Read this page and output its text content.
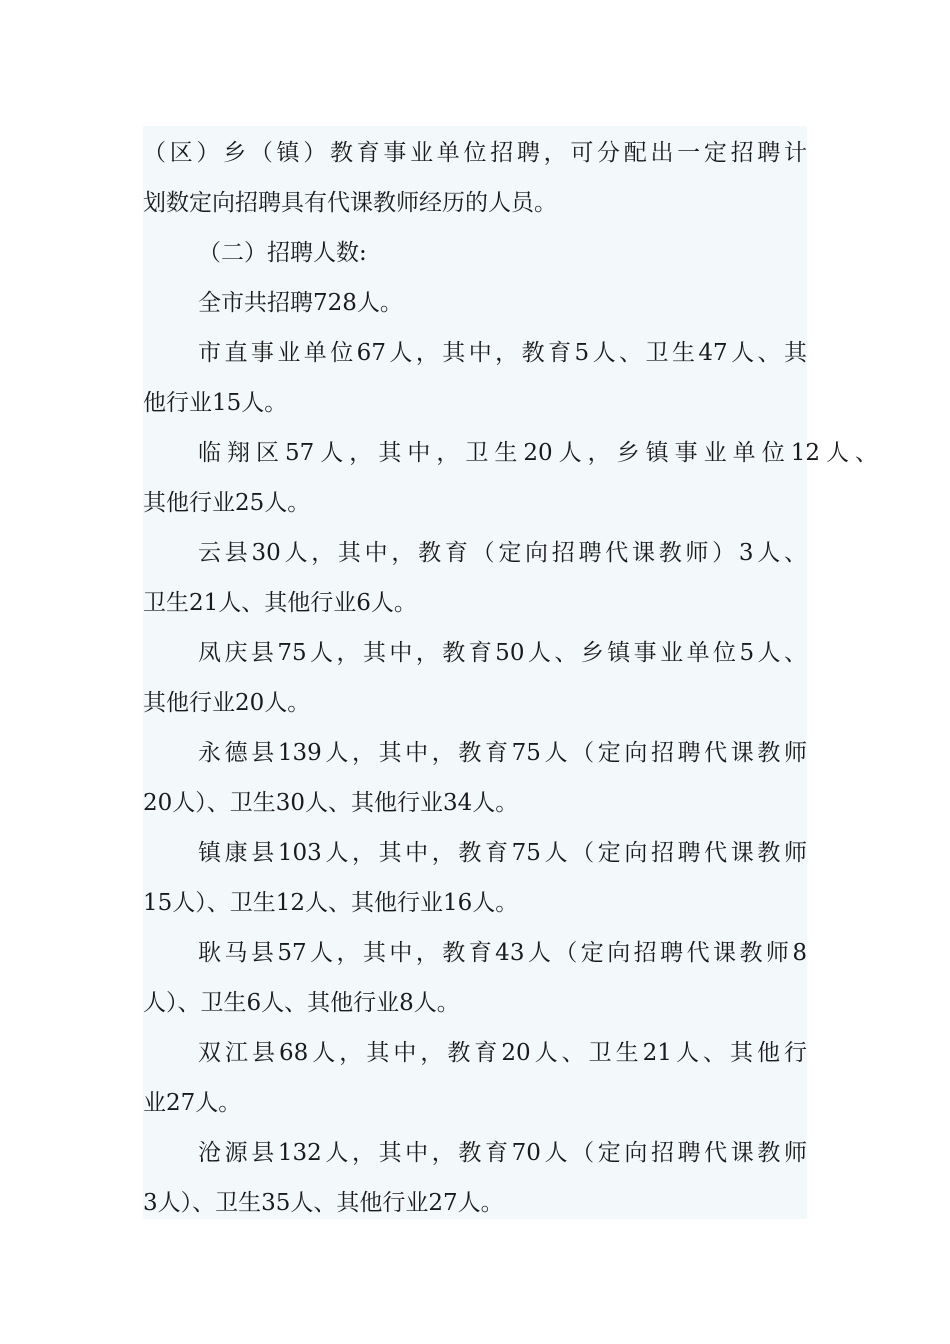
（区）乡（镇）教育事业单位招聘，可分配出一定招聘计
划数定向招聘具有代课教师经历的人员。
（二）招聘人数:
全市共招聘728人。
市直事业单位67人，其中，教育5人、卫生47人、其
他行业15人。
临翔区57人，其中，卫生20人，乡镇事业单位12人、
其他行业25人。
云县30人，其中，教育（定向招聘代课教师）3人、
卫生21人、其他行业6人。
凤庆县75人，其中，教育50人、乡镇事业单位5人、
其他行业20人。
永德县139人，其中，教育75人（定向招聘代课教师
20人）、卫生30人、其他行业34人。
镇康县103人，其中，教育75人（定向招聘代课教师
15人）、卫生12人、其他行业16人。
耿马县57人，其中，教育43人（定向招聘代课教师8
人）、卫生6人、其他行业8人。
双江县68人，其中，教育20人、卫生21人、其他行
业27人。
沧源县132人，其中，教育70人（定向招聘代课教师
3人）、卫生35人、其他行业27人。
